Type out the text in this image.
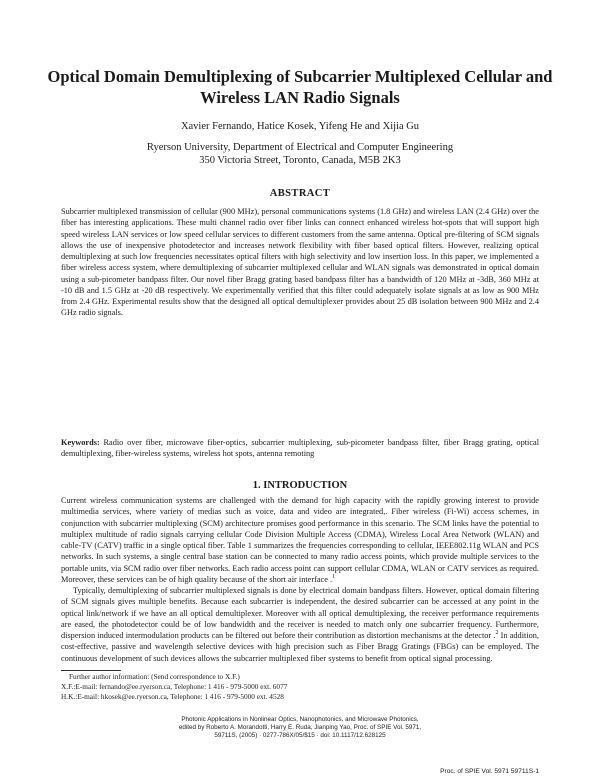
Optical Domain Demultiplexing of Subcarrier Multiplexed Cellular and Wireless LAN Radio Signals
Xavier Fernando, Hatice Kosek, Yifeng He and Xijia Gu
Ryerson University, Department of Electrical and Computer Engineering
350 Victoria Street, Toronto, Canada, M5B 2K3
ABSTRACT

Subcarrier multiplexed transmission of cellular (900 MHz), personal communications systems (1.8 GHz) and wireless LAN (2.4 GHz) over the fiber has interesting applications. These multi channel radio over fiber links can connect enhanced wireless hot-spots that will support high speed wireless LAN services or low speed cellular services to different customers from the same antenna. Optical pre-filtering of SCM signals allows the use of inexpensive photodetector and increases network flexibility with fiber based optical filters. However, realizing optical demultiplexing at such low frequencies necessitates optical filters with high selectivity and low insertion loss. In this paper, we implemented a fiber wireless access system, where demultiplexing of subcarrier multiplexed cellular and WLAN signals was demonstrated in optical domain using a sub-picometer bandpass filter. Our novel fiber Bragg grating based bandpass filter has a bandwidth of 120 MHz at -3dB, 360 MHz at -10 dB and 1.5 GHz at -20 dB respectively. We experimentally verified that this filter could adequately isolate signals at as low as 900 MHz from 2.4 GHz. Experimental results show that the designed all optical demultiplexer provides about 25 dB isolation between 900 MHz and 2.4 GHz radio signals.

Keywords: Radio over fiber, microwave fiber-optics, subcarrier multiplexing, sub-picometer bandpass filter, fiber Bragg grating, optical demultiplexing, fiber-wireless systems, wireless hot spots, antenna remoting

1. INTRODUCTION

Current wireless communication systems are challenged with the demand for high capacity with the rapidly growing interest to provide multimedia services, where variety of medias such as voice, data and video are integrated,. Fiber wireless (Fi-Wi) access schemes, in conjunction with subcarrier multiplexing (SCM) architecture promises good performance in this scenario. The SCM links have the potential to multiplex multitude of radio signals carrying cellular Code Division Multiple Access (CDMA), Wireless Local Area Network (WLAN) and cable-TV (CATV) traffic in a single optical fiber. Table 1 summarizes the frequencies corresponding to cellular, IEEE802.11g WLAN and PCS networks. In such systems, a single central base station can be connected to many radio access points, which provide multiple services to the portable units, via SCM radio over fiber networks. Each radio access point can support cellular CDMA, WLAN or CATV services as required. Moreover, these services can be of high quality because of the short air interface .$^1$

Typically, demultiplexing of subcarrier multiplexed signals is done by electrical domain bandpass filters. However, optical domain filtering of SCM signals gives multiple benefits. Because each subcarrier is independent, the desired subcarrier can be accessed at any point in the optical link/network if we have an all optical demultiplexer. Moreover with all optical demultiplexing, the receiver performance requirements are eased, the photodetector could be of low bandwidth and the receiver is needed to match only one subcarrier frequency. Furthermore, dispersion induced intermodulation products can be filtered out before their contribution as distortion mechanisms at the detector .$^2$ In addition, cost-effective, passive and wavelength selective devices with high precision such as Fiber Bragg Gratings (FBGs) can be employed. The continuous development of such devices allows the subcarrier multiplexed fiber systems to benefit from optical signal processing.

Further author information: (Send correspondence to X.F.)
X.F.:E-mail: fernando@ee.ryerson.ca, Telephone: 1 416 - 979-5000 ext. 6077
H.K.:E-mail: hkosek@ee.ryerson.ca, Telephone: 1 416 - 979-5000 ext. 4528
Photonic Applications in Nonlinear Optics, Nanophotonics, and Microwave Photonics,
edited by Roberto A. Morandotti, Harry E. Ruda, Jianping Yao, Proc. of SPIE Vol. 5971,
59711S, (2005) · 0277-786X/05/$15 · doi: 10.1117/12.628125
Proc. of SPIE Vol. 5971 59711S-1
